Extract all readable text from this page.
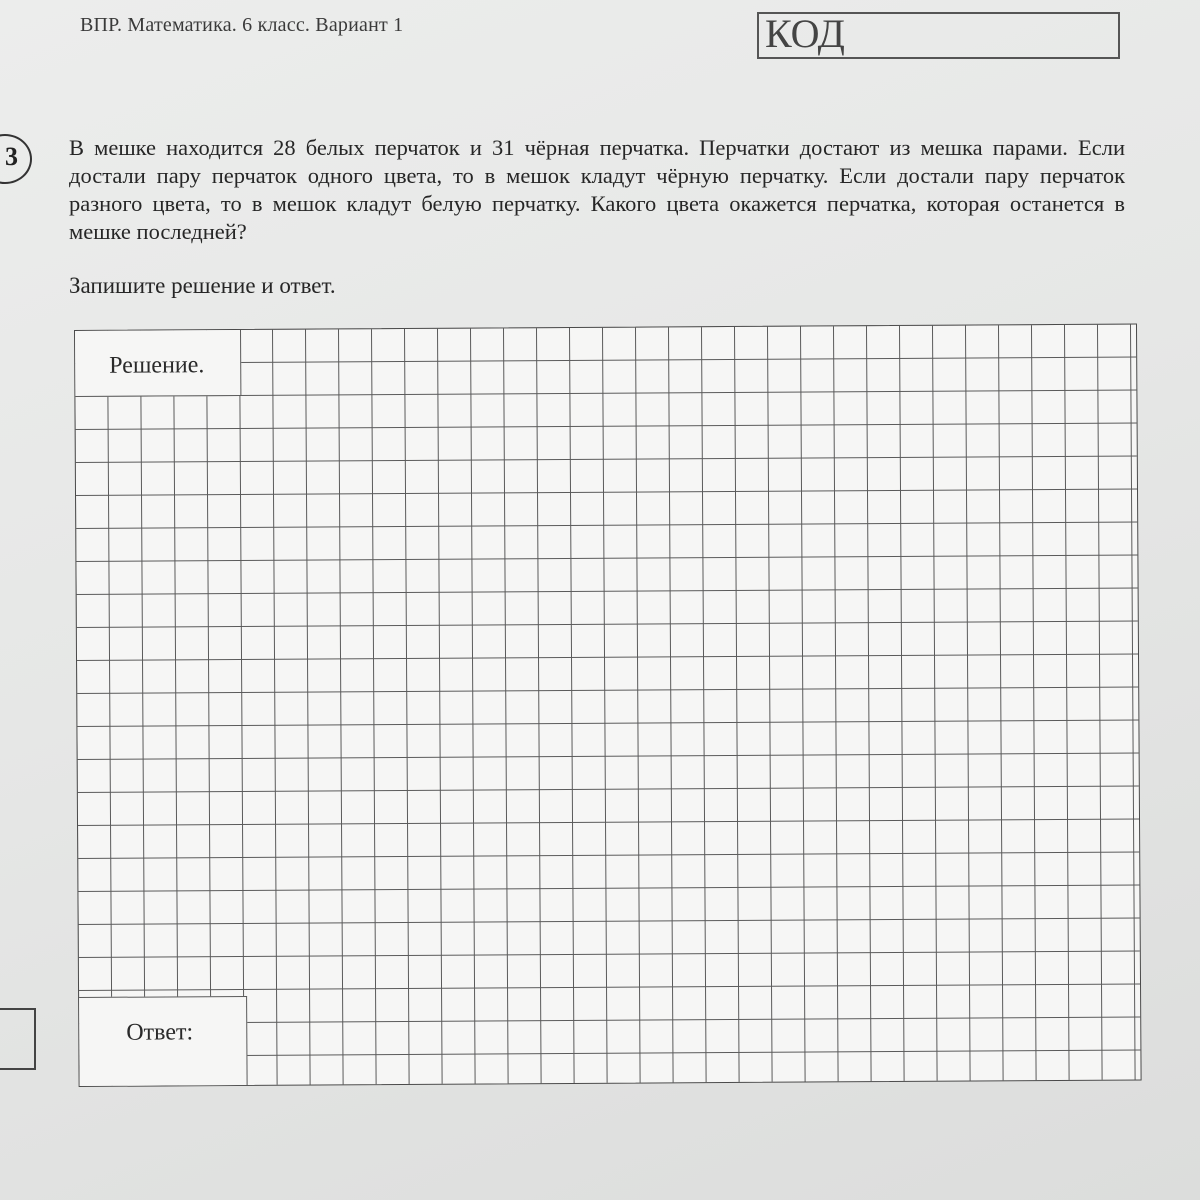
ВПР. Математика. 6 класс. Вариант 1	КОД
3 В мешке находится 28 белых перчаток и 31 чёрная перчатка. Перчатки достают из мешка парами. Если достали пару перчаток одного цвета, то в мешок кладут чёрную перчатку. Если достали пару перчаток разного цвета, то в мешок кладут белую перчатку. Какого цвета окажется перчатка, которая останется в мешке последней?
Запишите решение и ответ.
Решение.
Ответ:
